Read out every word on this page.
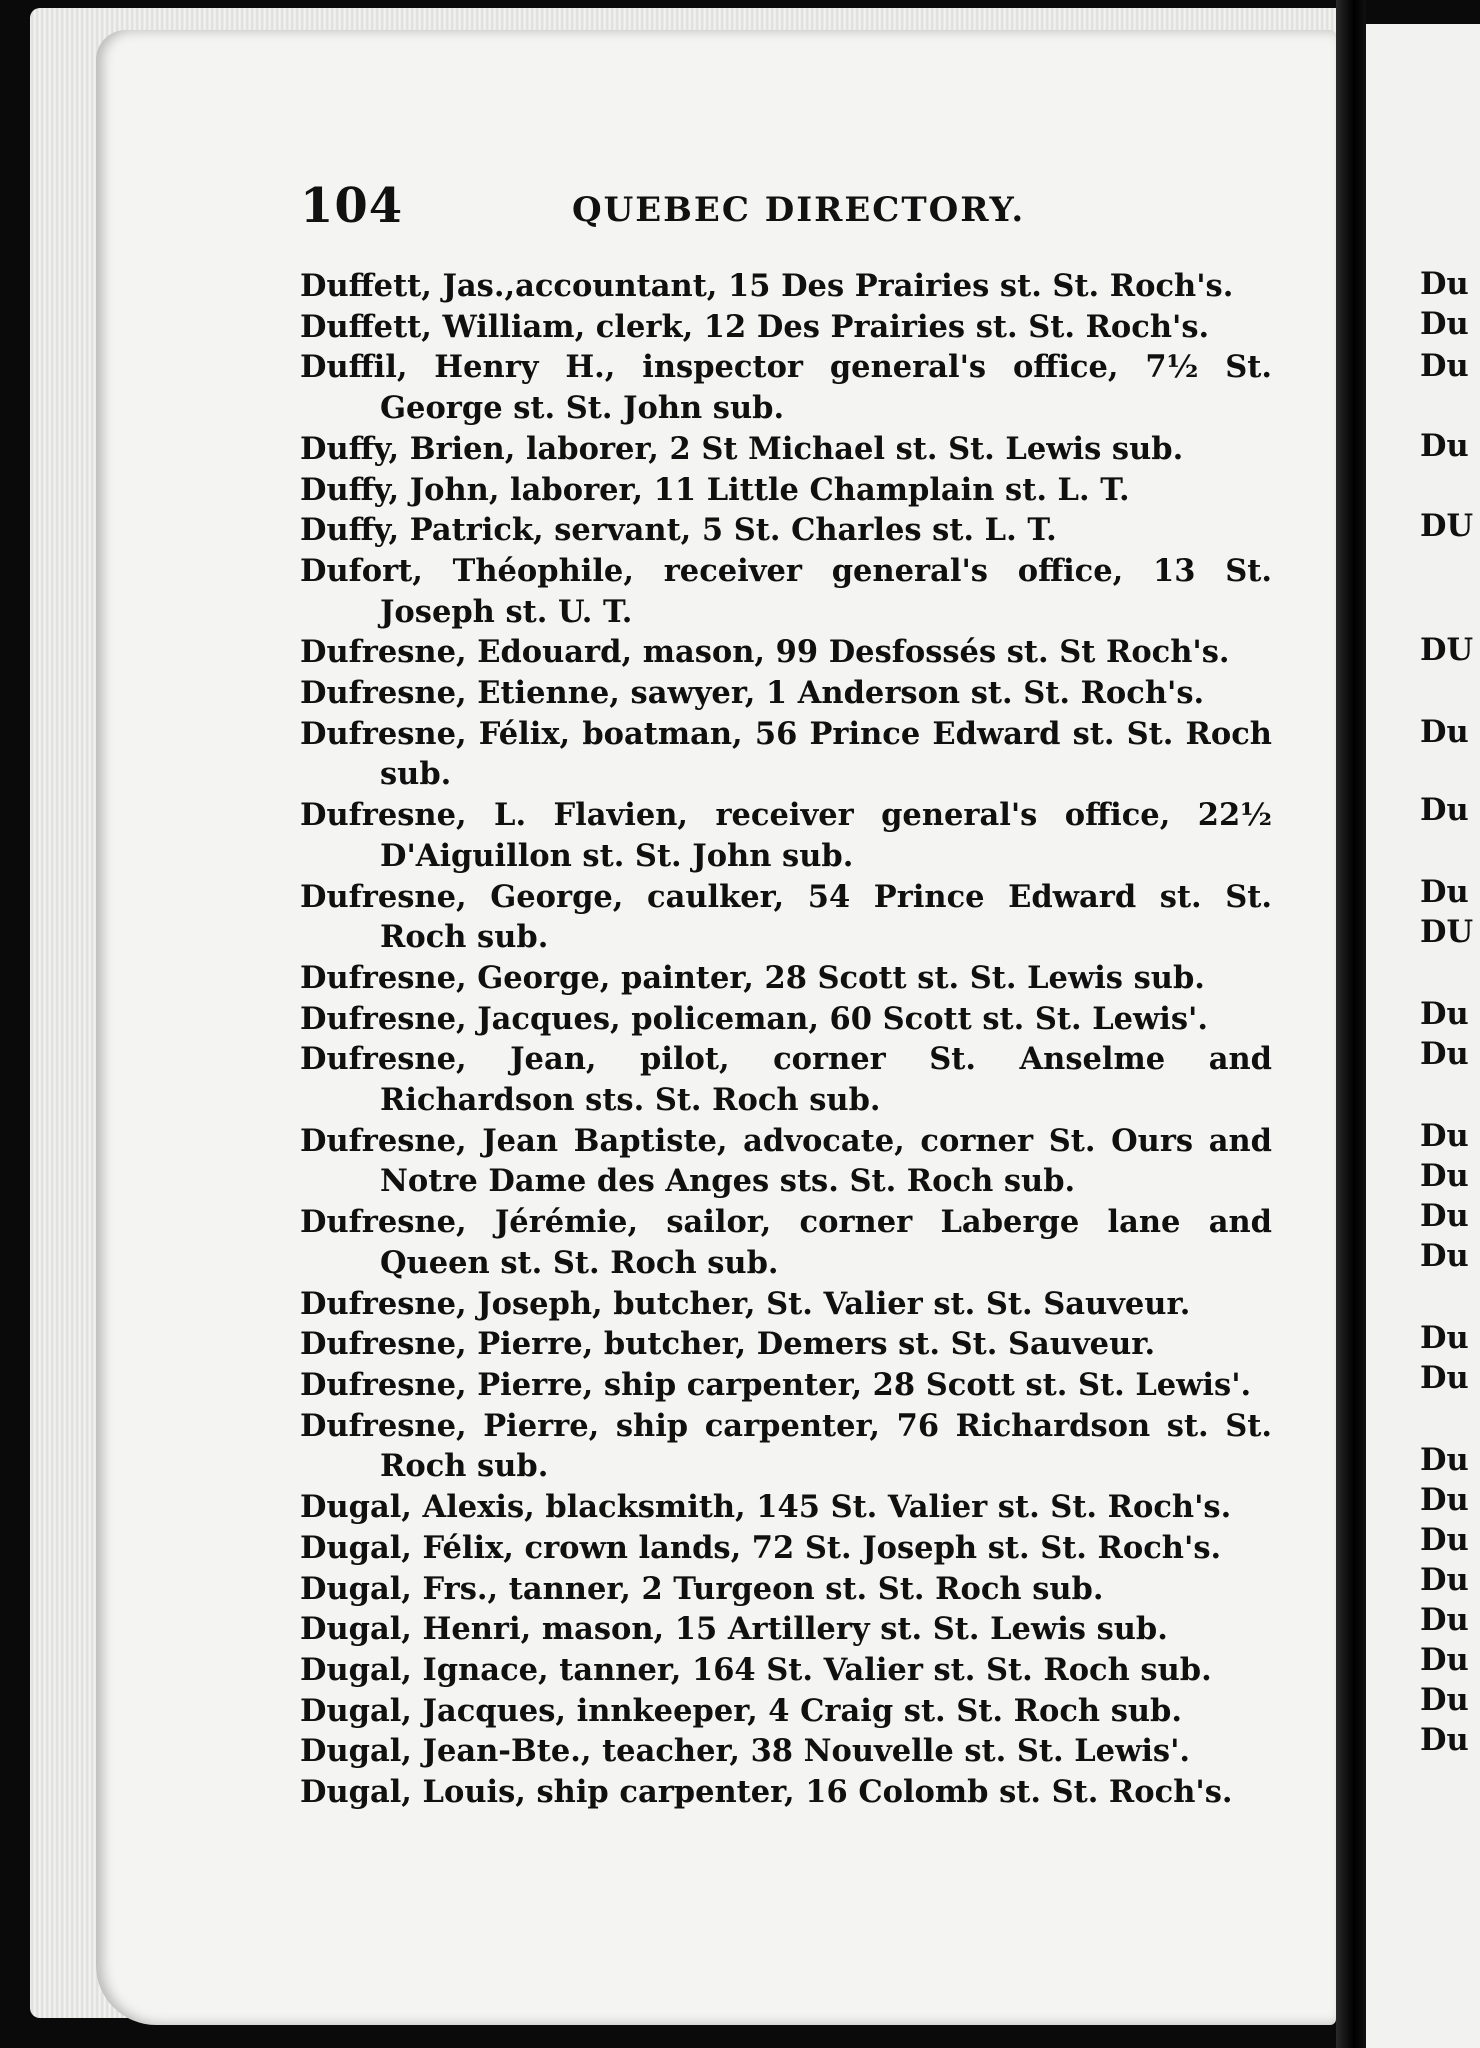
104	QUEBEC DIRECTORY.
Duffett, Jas.,accountant, 15 Des Prairies st. St. Roch's.
Duffett, William, clerk, 12 Des Prairies st. St. Roch's.
Duffil, Henry H., inspector general's office, 7½ St. George st. St. John sub.
Duffy, Brien, laborer, 2 St Michael st. St. Lewis sub.
Duffy, John, laborer, 11 Little Champlain st. L. T.
Duffy, Patrick, servant, 5 St. Charles st. L. T.
Dufort, Théophile, receiver general's office, 13 St. Joseph st. U. T.
Dufresne, Edouard, mason, 99 Desfossés st. St Roch's.
Dufresne, Etienne, sawyer, 1 Anderson st. St. Roch's.
Dufresne, Félix, boatman, 56 Prince Edward st. St. Roch sub.
Dufresne, L. Flavien, receiver general's office, 22½ D'Aiguillon st. St. John sub.
Dufresne, George, caulker, 54 Prince Edward st. St. Roch sub.
Dufresne, George, painter, 28 Scott st. St. Lewis sub.
Dufresne, Jacques, policeman, 60 Scott st. St. Lewis'.
Dufresne, Jean, pilot, corner St. Anselme and Richardson sts. St. Roch sub.
Dufresne, Jean Baptiste, advocate, corner St. Ours and Notre Dame des Anges sts. St. Roch sub.
Dufresne, Jérémie, sailor, corner Laberge lane and Queen st. St. Roch sub.
Dufresne, Joseph, butcher, St. Valier st. St. Sauveur.
Dufresne, Pierre, butcher, Demers st. St. Sauveur.
Dufresne, Pierre, ship carpenter, 28 Scott st. St. Lewis'.
Dufresne, Pierre, ship carpenter, 76 Richardson st. St. Roch sub.
Dugal, Alexis, blacksmith, 145 St. Valier st. St. Roch's.
Dugal, Félix, crown lands, 72 St. Joseph st. St. Roch's.
Dugal, Frs., tanner, 2 Turgeon st. St. Roch sub.
Dugal, Henri, mason, 15 Artillery st. St. Lewis sub.
Dugal, Ignace, tanner, 164 St. Valier st. St. Roch sub.
Dugal, Jacques, innkeeper, 4 Craig st. St. Roch sub.
Dugal, Jean-Bte., teacher, 38 Nouvelle st. St. Lewis'.
Dugal, Louis, ship carpenter, 16 Colomb st. St. Roch's.
Du
Du
Du
Du
DU
DU
Du
Du
Du
DU
Du
Du
Du
Du
Du
Du
Du
Du
Du
Du
Du
Du
Du
Du
Du
Du
